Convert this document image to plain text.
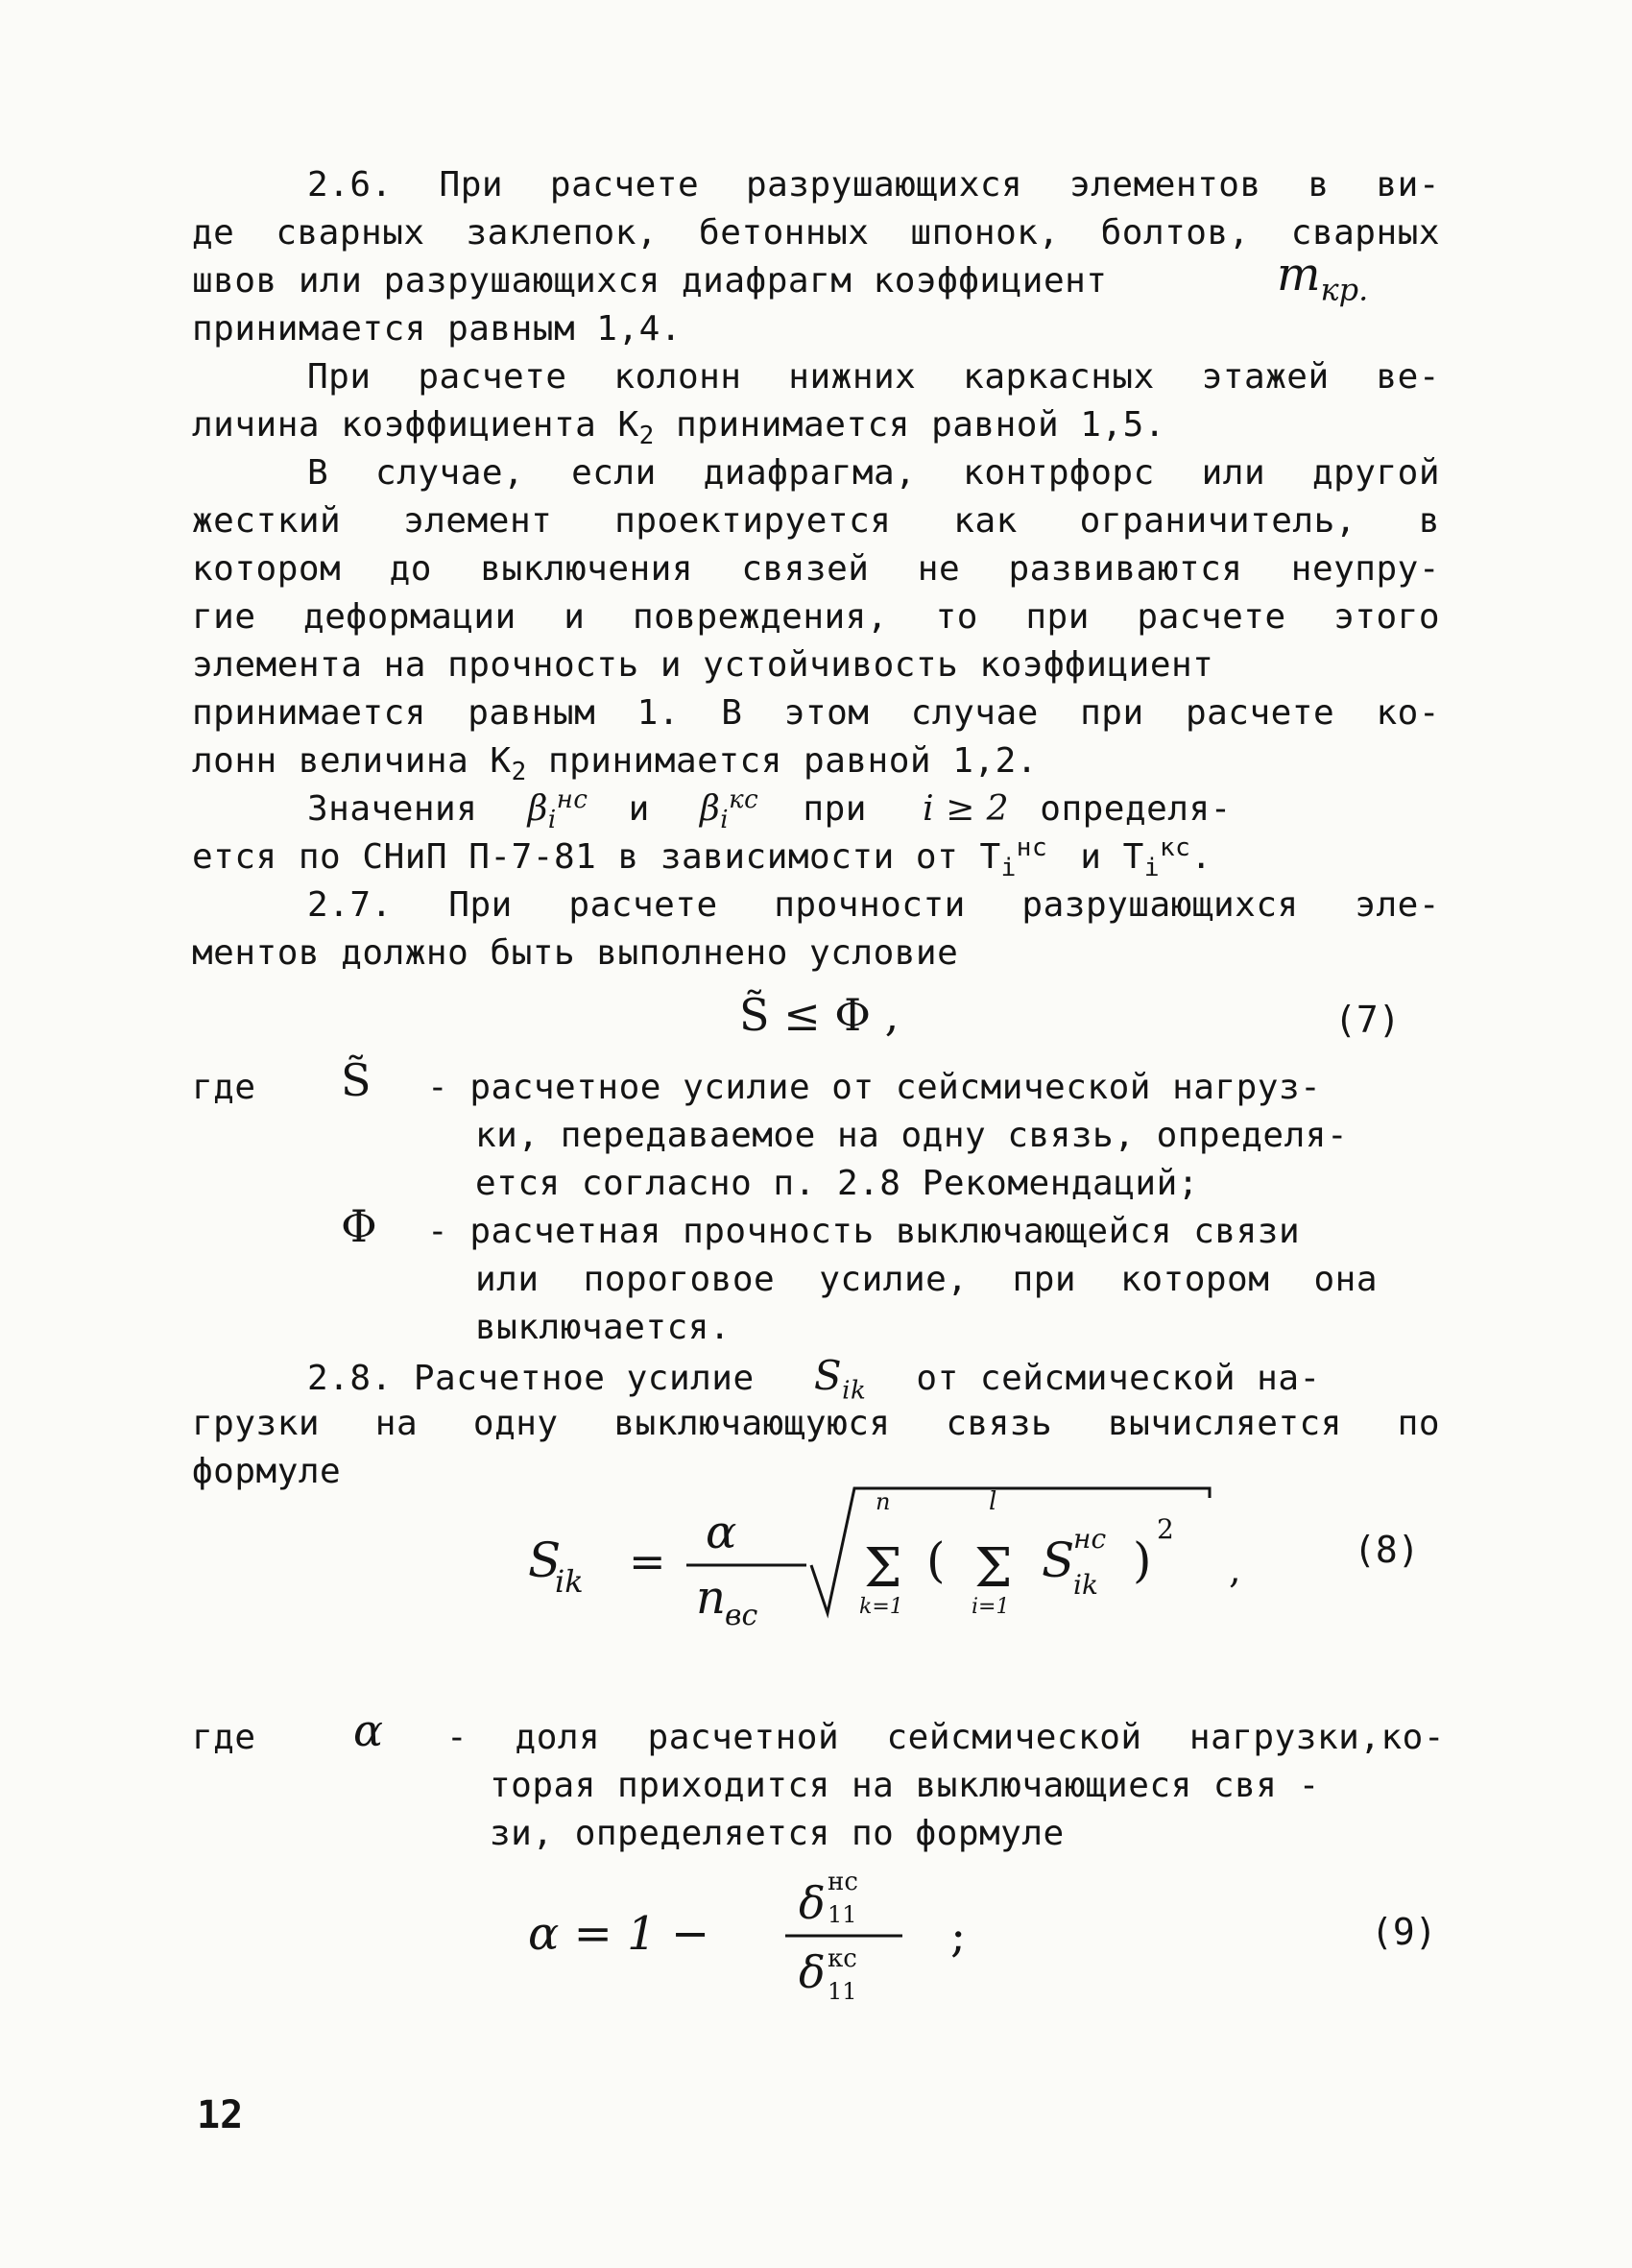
2.6. При расчете разрушающихся элементов в ви-
де сварных заклепок, бетонных шпонок, болтов, сварных
швов или разрушающихся диафрагм коэффициент	$m_{кр.}$
принимается равным 1,4.
При расчете колонн нижних каркасных этажей ве-
личина коэффициента $K_2$ принимается равной 1,5.
В случае, если диафрагма, контрфорс или другой
жесткий элемент проектируется как ограничитель, в
котором до выключения связей не развиваются неупру-
гие деформации и повреждения, то при расчете этого
элемента на прочность и устойчивость коэффициент
принимается равным 1. В этом случае при расчете ко-
лонн величина $K_2$ принимается равной 1,2.
Значения $\beta_i^{нс}$ и $\beta_i^{кс}$ при i ≥ 2 определя-
ется по СНиП П-7-81 в зависимости от $T_i^{нс}$ и $T_i^{кс}$.
2.7. При расчете прочности разрушающихся эле-
ментов должно быть выполнено условие
S̃ ≤ Φ ,	(7)
где	S̃ - расчетное усилие от сейсмической нагруз-
ки, передаваемое на одну связь, определя-
ется согласно п. 2.8 Рекомендаций;
Φ - расчетная прочность выключающейся связи
или пороговое усилие, при котором она
выключается.
2.8. Расчетное усилие $S_{ik}$ от сейсмической на-
грузки на одну выключающуюся связь вычисляется по
формуле
S
ik =
α
n вс
n
Σ
k=1
(
l
Σ
i=1
S
нс
ik )
2
,	(8)
где	α - доля расчетной сейсмической нагрузки,ко-
торая приходится на выключающиеся свя -
зи, определяется по формуле
α = 1 −
δ нс
11
δ кс
11
;	(9)
12
